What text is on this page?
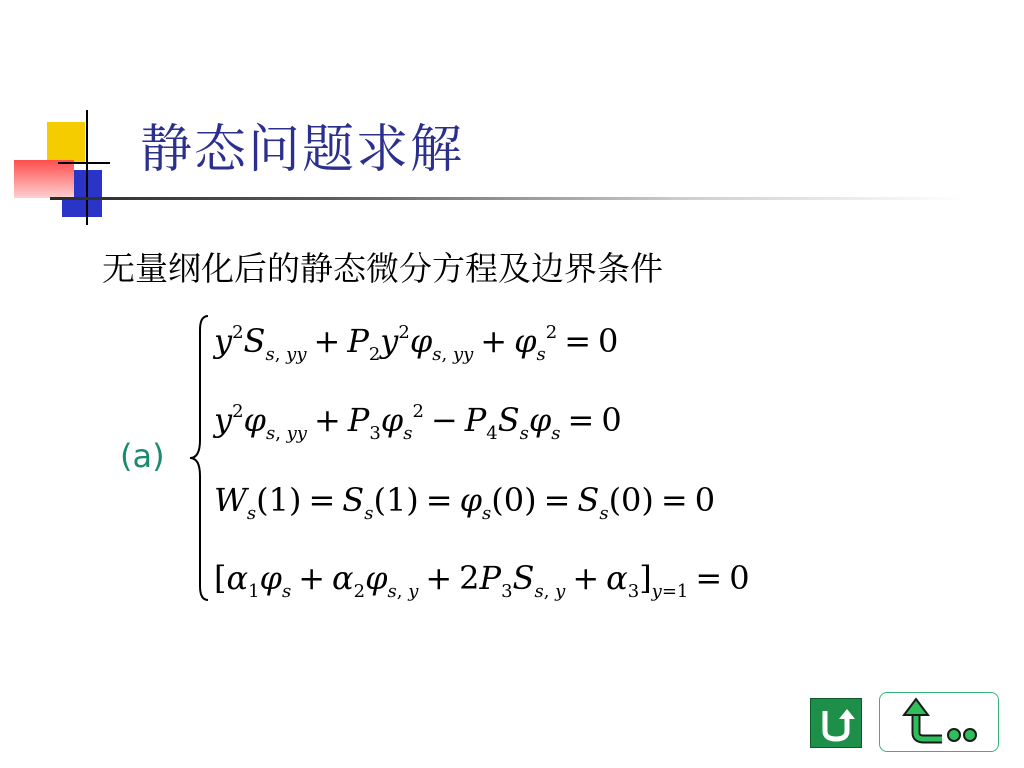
静态问题求解
无量纲化后的静态微分方程及边界条件
(a)
$y^2S_{s, yy} + P_2y^2\varphi_{s, yy} + \varphi_s^2 = 0$
$y^2\varphi_{s, yy} + P_3\varphi_s^2 - P_4S_s\varphi_s = 0$
$W_s(1) = S_s(1) = \varphi_s(0) = S_s(0) = 0$
$[\alpha_1\varphi_s + \alpha_2\varphi_{s, y} + 2P_3S_{s, y} + \alpha_3]_{y=1} = 0$
